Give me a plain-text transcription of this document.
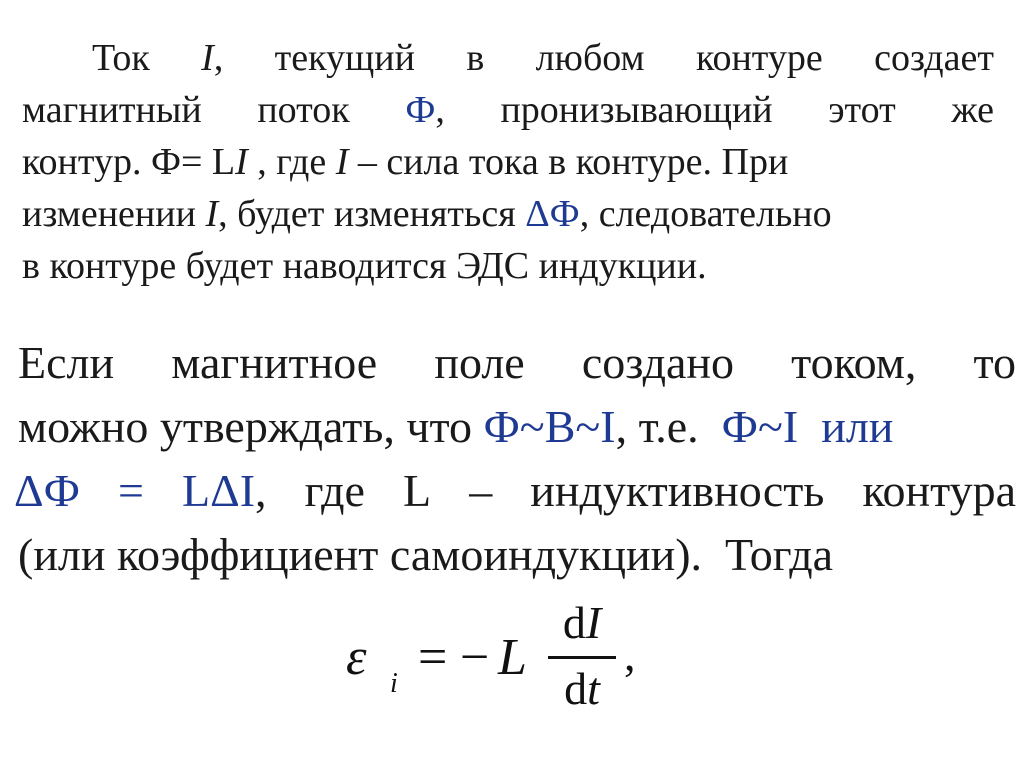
Ток I, текущий в любом контуре создает
магнитный поток Ф, пронизывающий этот же
контур. Ф= L I , где I – сила тока в контуре. При
изменении I , будет изменяться ΔФ , следовательно
в контуре будет наводится ЭДС индукции.
Если магнитное поле создано током, то
можно утверждать, что Ф~B~I , т.е. Ф~I  или
ΔФ = LΔI, где L – индуктивность контура
(или коэффициент самоиндукции).  Тогда
ε i = − L
dI
dt
,
